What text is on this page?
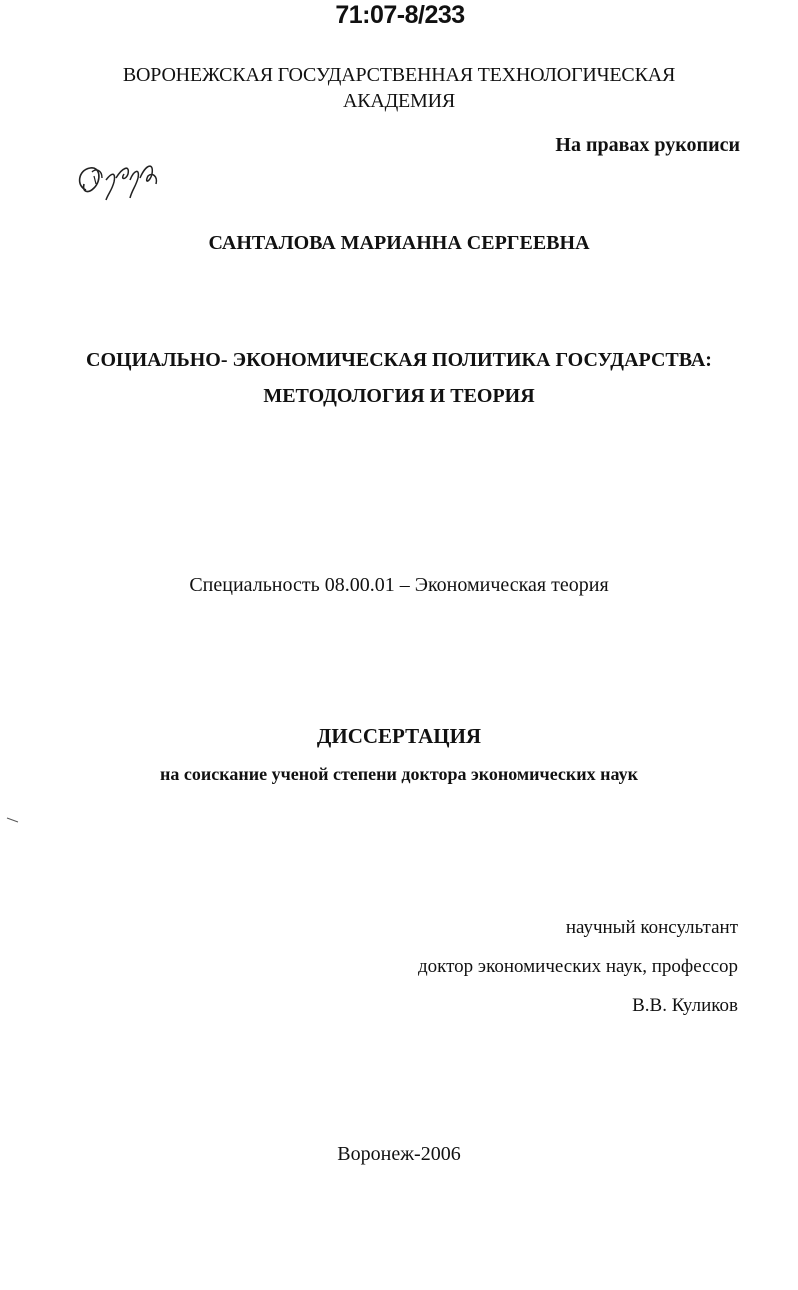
71:07-8/233
ВОРОНЕЖСКАЯ ГОСУДАРСТВЕННАЯ ТЕХНОЛОГИЧЕСКАЯ
АКАДЕМИЯ
На правах рукописи
САНТАЛОВА МАРИАННА СЕРГЕЕВНА
СОЦИАЛЬНО- ЭКОНОМИЧЕСКАЯ ПОЛИТИКА ГОСУДАРСТВА:
МЕТОДОЛОГИЯ И ТЕОРИЯ
Специальность 08.00.01 – Экономическая теория
ДИССЕРТАЦИЯ
на соискание ученой степени доктора экономических наук
научный консультант
доктор экономических наук, профессор
В.В. Куликов
Воронеж-2006
